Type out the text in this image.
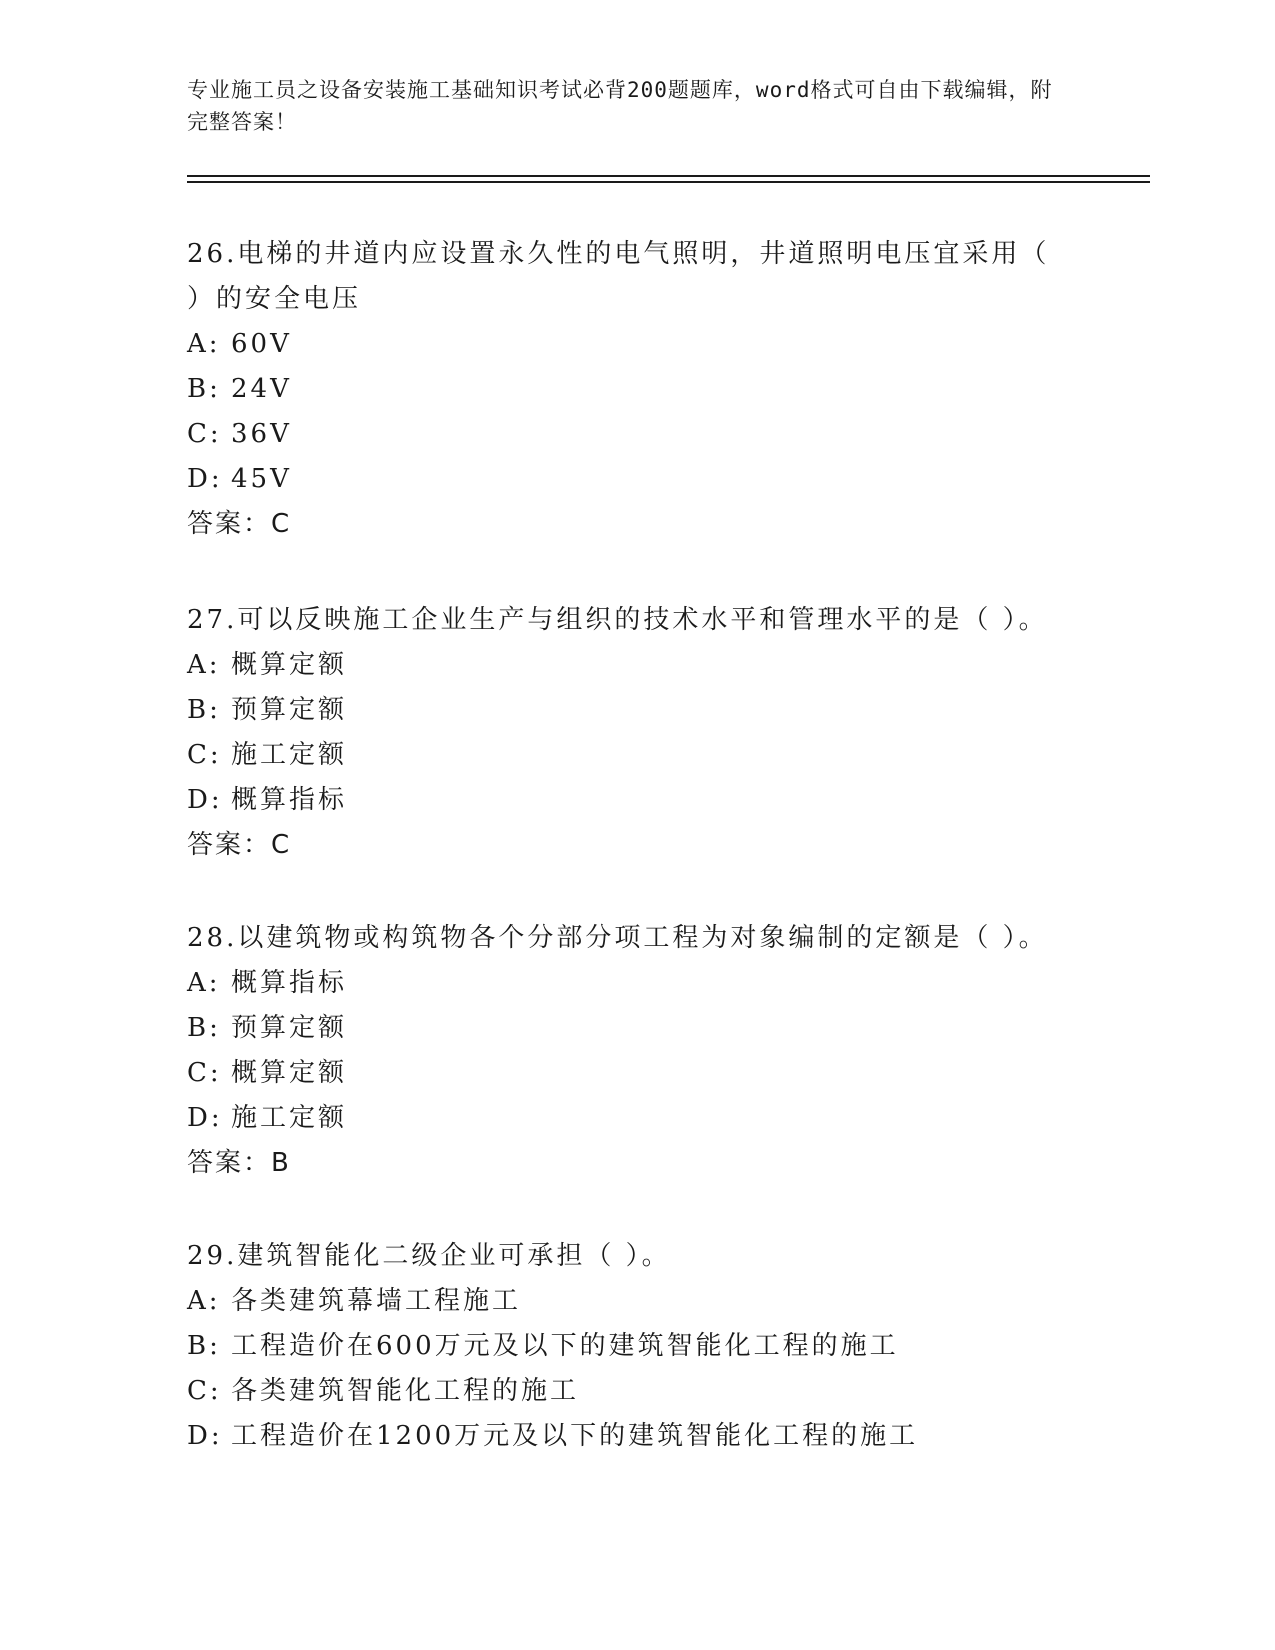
专业施工员之设备安装施工基础知识考试必背200题题库，word格式可自由下载编辑，附完整答案！

26.电梯的井道内应设置永久性的电气照明，井道照明电压宜采用（ ）的安全电压

A: 60V

B: 24V

C: 36V

D: 45V

答案：C

27.可以反映施工企业生产与组织的技术水平和管理水平的是（ ）。

A: 概算定额

B: 预算定额

C: 施工定额

D: 概算指标

答案：C

28.以建筑物或构筑物各个分部分项工程为对象编制的定额是（ ）。

A: 概算指标

B: 预算定额

C: 概算定额

D: 施工定额

答案：B

29.建筑智能化二级企业可承担（ ）。

A: 各类建筑幕墙工程施工

B: 工程造价在600万元及以下的建筑智能化工程的施工

C: 各类建筑智能化工程的施工

D: 工程造价在1200万元及以下的建筑智能化工程的施工
